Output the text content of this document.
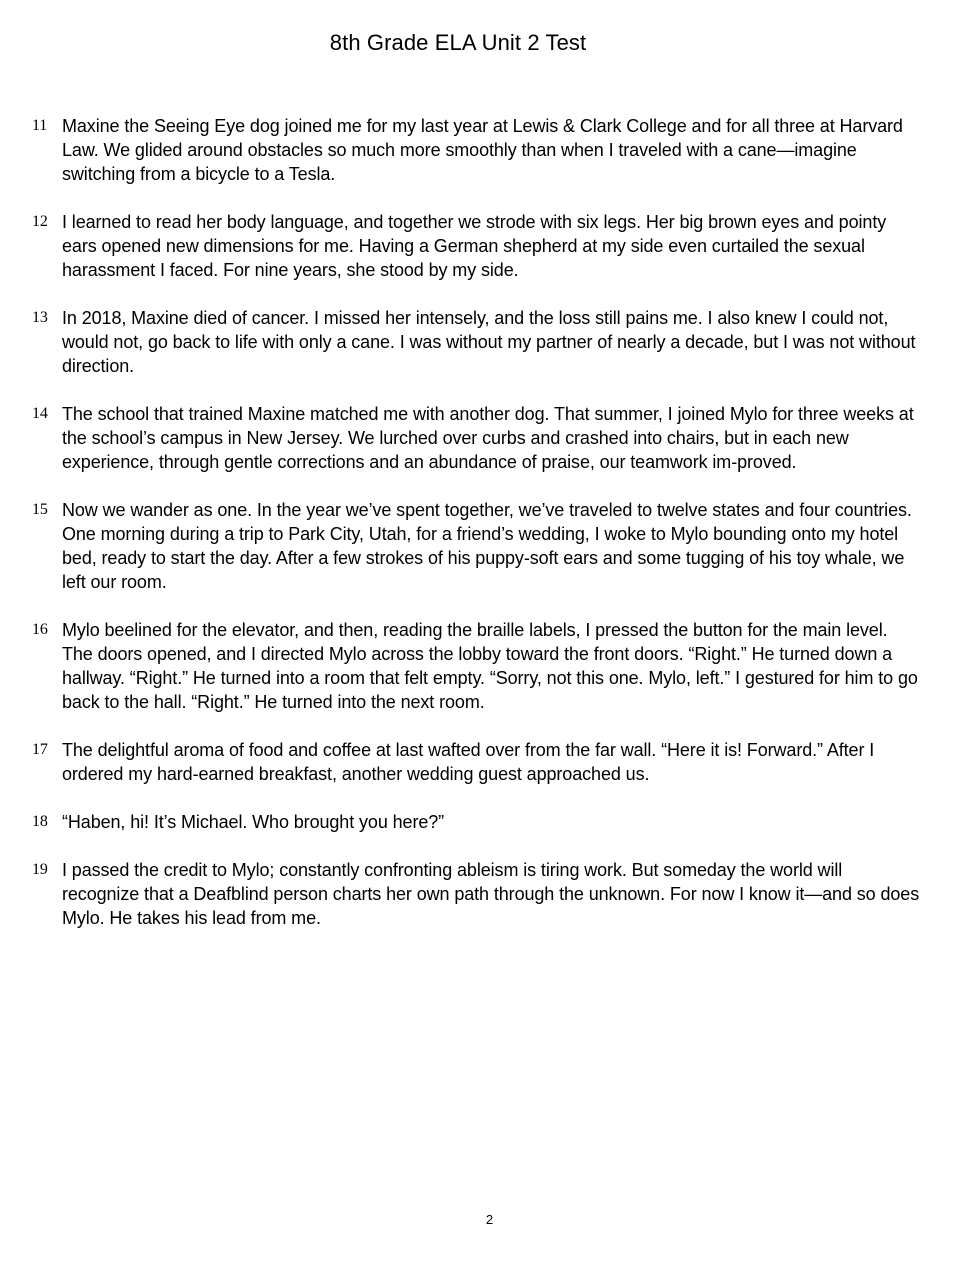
8th Grade ELA Unit 2 Test
11 Maxine the Seeing Eye dog joined me for my last year at Lewis & Clark College and for all three at Harvard Law. We glided around obstacles so much more smoothly than when I traveled with a cane—imagine switching from a bicycle to a Tesla.
12 I learned to read her body language, and together we strode with six legs. Her big brown eyes and pointy ears opened new dimensions for me. Having a German shepherd at my side even curtailed the sexual harassment I faced. For nine years, she stood by my side.
13 In 2018, Maxine died of cancer. I missed her intensely, and the loss still pains me. I also knew I could not, would not, go back to life with only a cane. I was without my partner of nearly a decade, but I was not without direction.
14 The school that trained Maxine matched me with another dog. That summer, I joined Mylo for three weeks at the school’s campus in New Jersey. We lurched over curbs and crashed into chairs, but in each new experience, through gentle corrections and an abundance of praise, our teamwork im-proved.
15 Now we wander as one. In the year we’ve spent together, we’ve traveled to twelve states and four countries. One morning during a trip to Park City, Utah, for a friend’s wedding, I woke to Mylo bounding onto my hotel bed, ready to start the day. After a few strokes of his puppy-soft ears and some tugging of his toy whale, we left our room.
16 Mylo beelined for the elevator, and then, reading the braille labels, I pressed the button for the main level. The doors opened, and I directed Mylo across the lobby toward the front doors. “Right.” He turned down a hallway. “Right.” He turned into a room that felt empty. “Sorry, not this one. Mylo, left.” I gestured for him to go back to the hall. “Right.” He turned into the next room.
17 The delightful aroma of food and coffee at last wafted over from the far wall. “Here it is! Forward.” After I ordered my hard-earned breakfast, another wedding guest approached us.
18 “Haben, hi! It’s Michael. Who brought you here?”
19 I passed the credit to Mylo; constantly confronting ableism is tiring work. But someday the world will recognize that a Deafblind person charts her own path through the unknown. For now I know it—and so does Mylo. He takes his lead from me.
2
